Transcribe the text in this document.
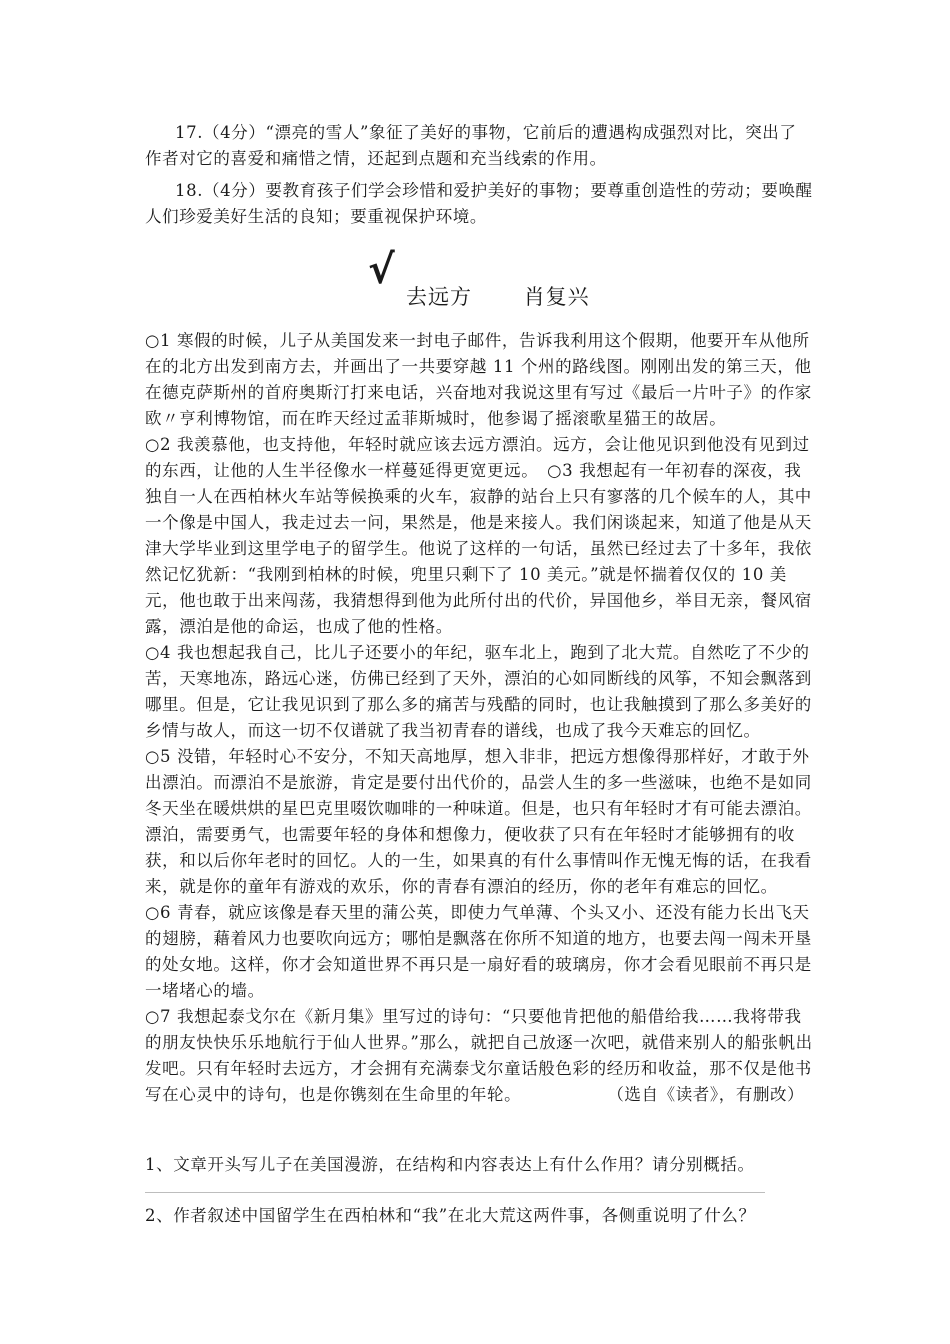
17.（4分）“漂亮的雪人”象征了美好的事物，它前后的遭遇构成强烈对比，突出了作者对它的喜爱和痛惜之情，还起到点题和充当线索的作用。

18.（4分）要教育孩子们学会珍惜和爱护美好的事物；要尊重创造性的劳动；要唤醒人们珍爱美好生活的良知；要重视保护环境。

√
去远方　　 肖复兴

○1 寒假的时候，儿子从美国发来一封电子邮件，告诉我利用这个假期，他要开车从他所在的北方出发到南方去，并画出了一共要穿越 11 个州的路线图。刚刚出发的第三天，他在德克萨斯州的首府奥斯汀打来电话，兴奋地对我说这里有写过《最后一片叶子》的作家欧〃亨利博物馆，而在昨天经过孟菲斯城时，他参谒了摇滚歌星猫王的故居。

○2 我羡慕他，也支持他，年轻时就应该去远方漂泊。远方，会让他见识到他没有见到过的东西，让他的人生半径像水一样蔓延得更宽更远。　○3 我想起有一年初春的深夜，我独自一人在西柏林火车站等候换乘的火车，寂静的站台上只有寥落的几个候车的人，其中一个像是中国人，我走过去一问，果然是，他是来接人。我们闲谈起来，知道了他是从天津大学毕业到这里学电子的留学生。他说了这样的一句话，虽然已经过去了十多年，我依然记忆犹新：“我刚到柏林的时候，兜里只剩下了 10 美元。”就是怀揣着仅仅的 10 美元，他也敢于出来闯荡，我猜想得到他为此所付出的代价，异国他乡，举目无亲，餐风宿露，漂泊是他的命运，也成了他的性格。

○4 我也想起我自己，比儿子还要小的年纪，驱车北上，跑到了北大荒。自然吃了不少的苦，天寒地冻，路远心迷，仿佛已经到了天外，漂泊的心如同断线的风筝，不知会飘落到哪里。但是，它让我见识到了那么多的痛苦与残酷的同时，也让我触摸到了那么多美好的乡情与故人，而这一切不仅谱就了我当初青春的谱线，也成了我今天难忘的回忆。

○5 没错，年轻时心不安分，不知天高地厚，想入非非，把远方想像得那样好，才敢于外出漂泊。而漂泊不是旅游，肯定是要付出代价的，品尝人生的多一些滋味，也绝不是如同冬天坐在暖烘烘的星巴克里啜饮咖啡的一种味道。但是，也只有年轻时才有可能去漂泊。漂泊，需要勇气，也需要年轻的身体和想像力，便收获了只有在年轻时才能够拥有的收获，和以后你年老时的回忆。人的一生，如果真的有什么事情叫作无愧无悔的话，在我看来，就是你的童年有游戏的欢乐，你的青春有漂泊的经历，你的老年有难忘的回忆。

○6 青春，就应该像是春天里的蒲公英，即使力气单薄、个头又小、还没有能力长出飞天的翅膀，藉着风力也要吹向远方；哪怕是飘落在你所不知道的地方，也要去闯一闯未开垦的处女地。这样，你才会知道世界不再只是一扇好看的玻璃房，你才会看见眼前不再只是一堵堵心的墙。

○7 我想起泰戈尔在《新月集》里写过的诗句：“只要他肯把他的船借给我……我将带我的朋友快快乐乐地航行于仙人世界。”那么，就把自己放逐一次吧，就借来别人的船张帆出发吧。只有年轻时去远方，才会拥有充满泰戈尔童话般色彩的经历和收益，那不仅是他书写在心灵中的诗句，也是你镌刻在生命里的年轮。　　　　　　	（选自《读者》，有删改）

1、文章开头写儿子在美国漫游，在结构和内容表达上有什么作用？请分别概括。

2、作者叙述中国留学生在西柏林和“我”在北大荒这两件事，各侧重说明了什么？
